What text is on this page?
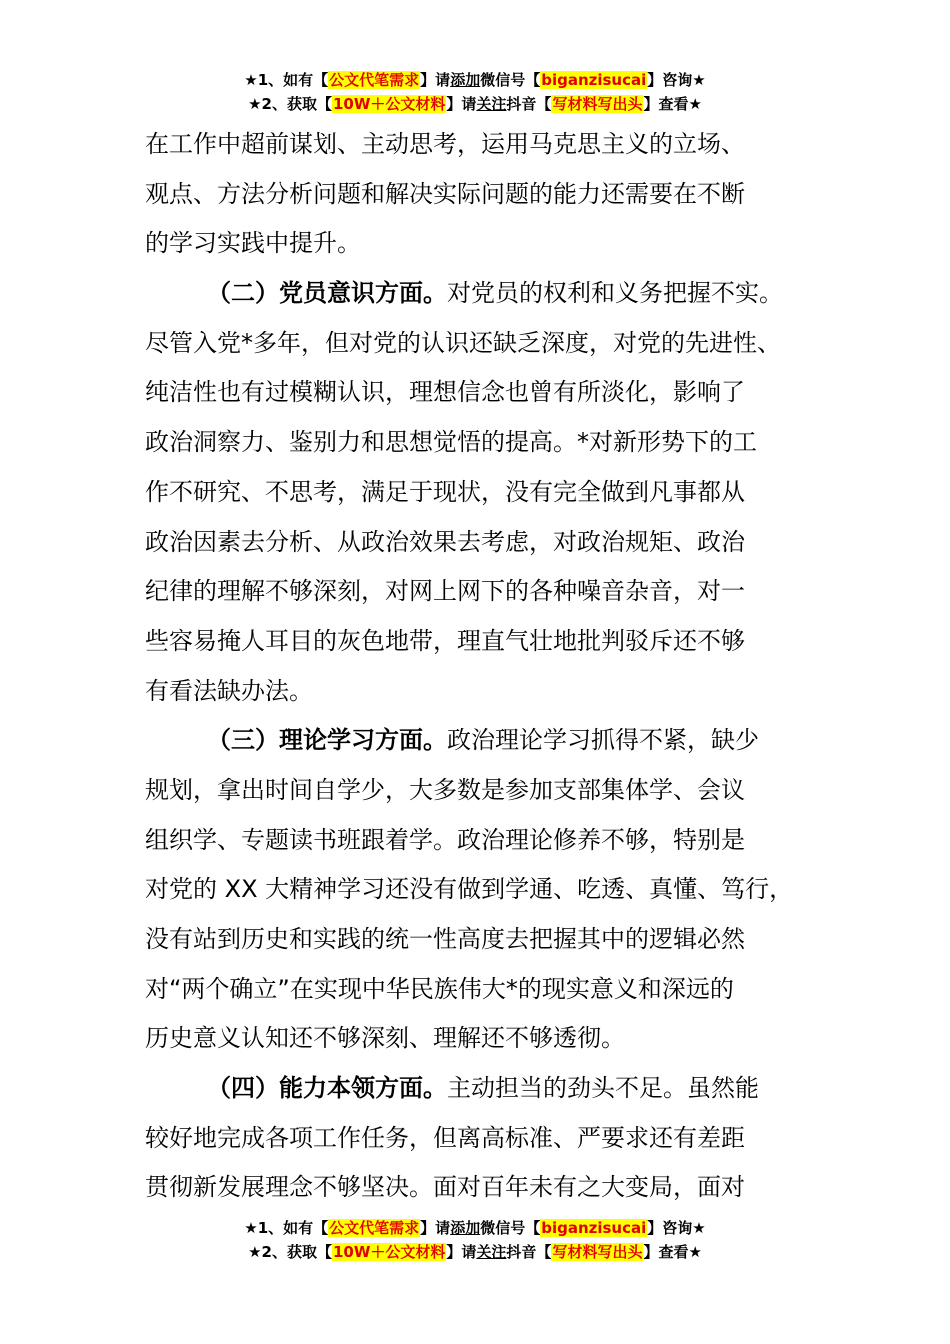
★1、如有【公文代笔需求】请添加微信号【biganzisucai】咨询★
★2、获取【10W＋公文材料】请关注抖音【写材料写出头】查看★
在工作中超前谋划、主动思考，运用马克思主义的立场、
观点、方法分析问题和解决实际问题的能力还需要在不断
的学习实践中提升。
（二）党员意识方面。对党员的权利和义务把握不实。
尽管入党*多年，但对党的认识还缺乏深度，对党的先进性、
纯洁性也有过模糊认识，理想信念也曾有所淡化，影响了
政治洞察力、鉴别力和思想觉悟的提高。*对新形势下的工
作不研究、不思考，满足于现状，没有完全做到凡事都从
政治因素去分析、从政治效果去考虑，对政治规矩、政治
纪律的理解不够深刻，对网上网下的各种噪音杂音，对一
些容易掩人耳目的灰色地带，理直气壮地批判驳斥还不够
有看法缺办法。
（三）理论学习方面。政治理论学习抓得不紧，缺少
规划，拿出时间自学少，大多数是参加支部集体学、会议
组织学、专题读书班跟着学。政治理论修养不够，特别是
对党的 XX 大精神学习还没有做到学通、吃透、真懂、笃行，
没有站到历史和实践的统一性高度去把握其中的逻辑必然
对“两个确立”在实现中华民族伟大*的现实意义和深远的
历史意义认知还不够深刻、理解还不够透彻。
（四）能力本领方面。主动担当的劲头不足。虽然能
较好地完成各项工作任务，但离高标准、严要求还有差距
贯彻新发展理念不够坚决。面对百年未有之大变局，面对
★1、如有【公文代笔需求】请添加微信号【biganzisucai】咨询★
★2、获取【10W＋公文材料】请关注抖音【写材料写出头】查看★
